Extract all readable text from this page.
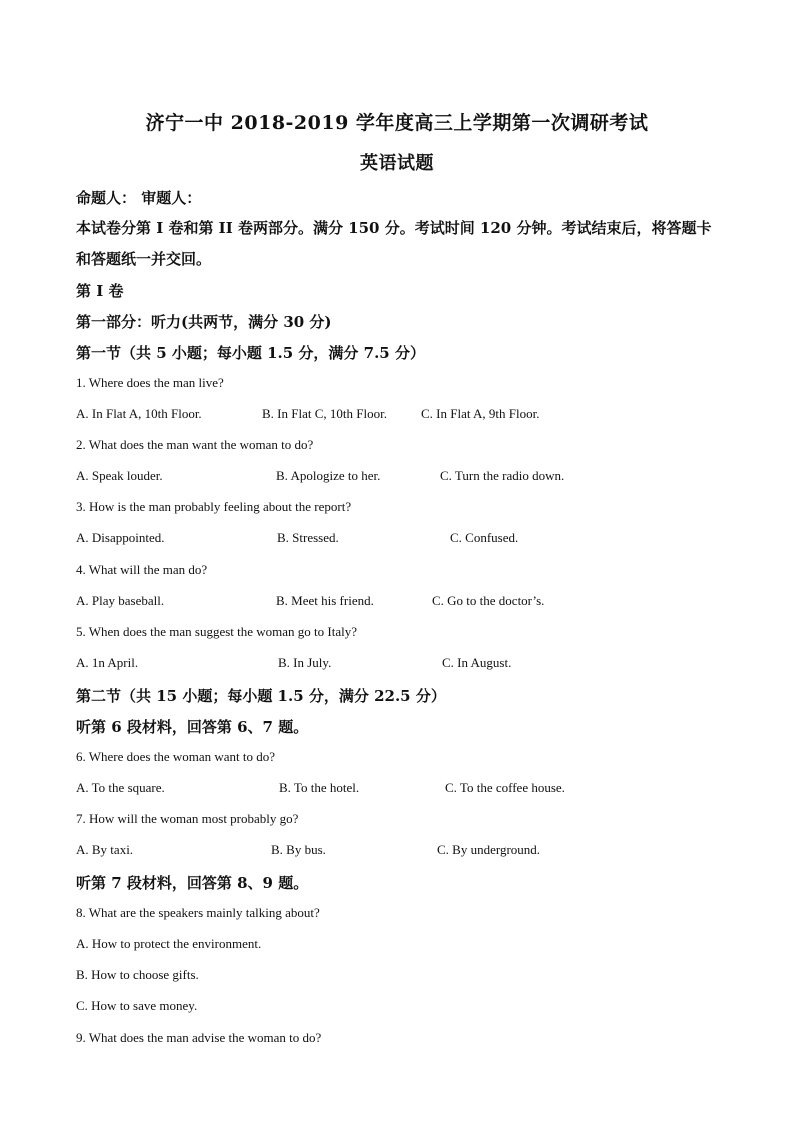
济宁一中 2018-2019 学年度高三上学期第一次调研考试
英语试题
命题人： 审题人：
本试卷分第 I 卷和第 II 卷两部分。满分 150 分。考试时间 120 分钟。考试结束后，将答题卡
和答题纸一并交回。
第 I 卷
第一部分：听力(共两节，满分 30 分)
第一节（共 5 小题；每小题 1.5 分，满分 7.5 分）
1. Where does the man live?
A. In Flat A, 10th Floor.	B. In Flat C, 10th Floor.	C. In Flat A, 9th Floor.
2. What does the man want the woman to do?
A. Speak louder.	B. Apologize to her.	C. Turn the radio down.
3. How is the man probably feeling about the report?
A. Disappointed.	B. Stressed.	C. Confused.
4. What will the man do?
A. Play baseball.	B. Meet his friend.	C. Go to the doctor’s.
5. When does the man suggest the woman go to Italy?
A. 1n April.	B. In July.	C. In August.
第二节（共 15 小题；每小题 1.5 分，满分 22.5 分）
听第 6 段材料，回答第 6、7 题。
6. Where does the woman want to do?
A. To the square.	B. To the hotel.	C. To the coffee house.
7. How will the woman most probably go?
A. By taxi.	B. By bus.	C. By underground.
听第 7 段材料，回答第 8、9 题。
8. What are the speakers mainly talking about?
A. How to protect the environment.
B. How to choose gifts.
C. How to save money.
9. What does the man advise the woman to do?
